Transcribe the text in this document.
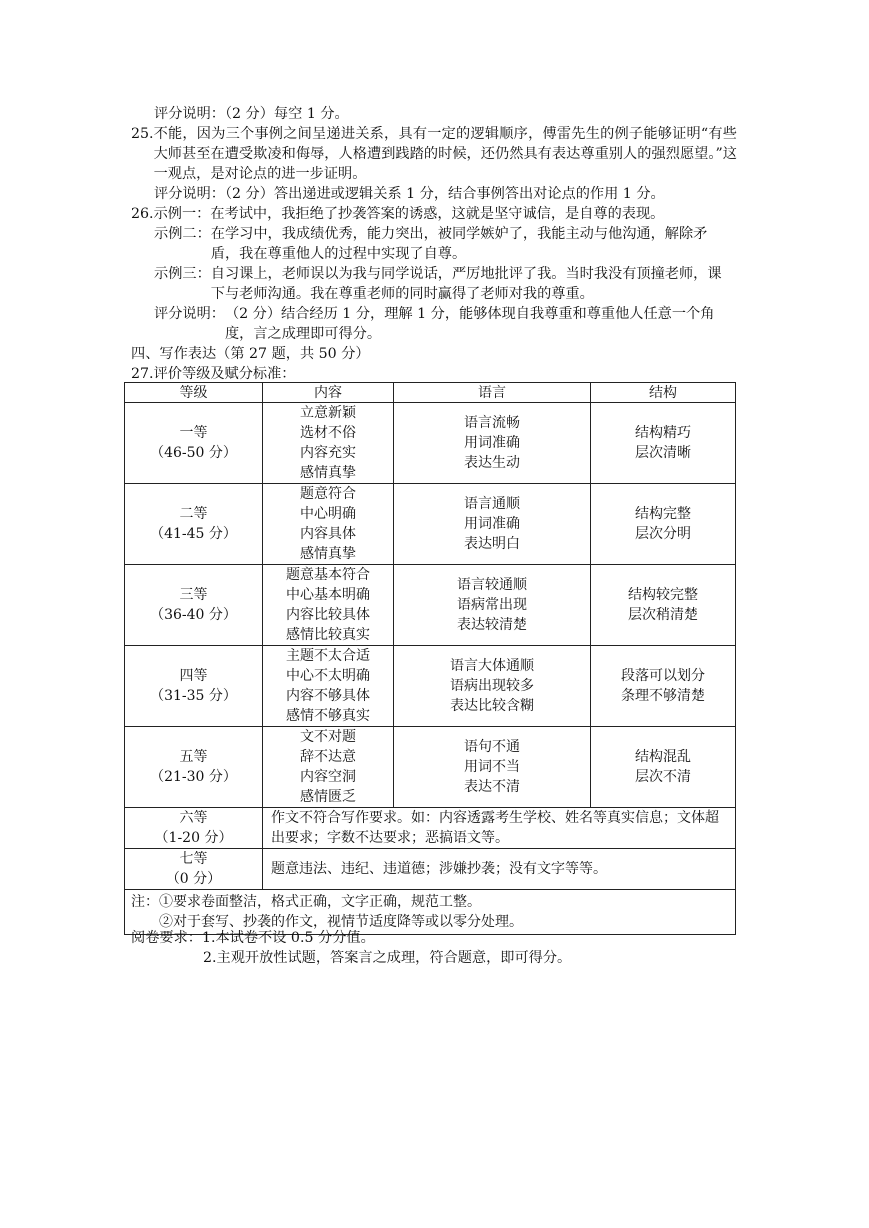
评分说明：（2 分）每空 1 分。
25. 不能，因为三个事例之间呈递进关系，具有一定的逻辑顺序，傅雷先生的例子能够证明“有些大师甚至在遭受欺凌和侮辱，人格遭到践踏的时候，还仍然具有表达尊重别人的强烈愿望。”这一观点，是对论点的进一步证明。
评分说明：（2 分）答出递进或逻辑关系 1 分，结合事例答出对论点的作用 1 分。
26. 示例一： 在考试中，我拒绝了抄袭答案的诱惑，这就是坚守诚信，是自尊的表现。
示例二： 在学习中，我成绩优秀，能力突出，被同学嫉妒了，我能主动与他沟通，解除矛盾，我在尊重他人的过程中实现了自尊。
示例三： 自习课上，老师误以为我与同学说话，严厉地批评了我。当时我没有顶撞老师，课下与老师沟通。我在尊重老师的同时赢得了老师对我的尊重。
评分说明： （2 分）结合经历 1 分，理解 1 分，能够体现自我尊重和尊重他人任意一个角度，言之成理即可得分。
四、写作表达（第 27 题，共 50 分）
27.评价等级及赋分标准：
等级	内容	语言	结构

一等
（46-50 分）	立意新颖
选材不俗
内容充实
感情真挚	语言流畅
用词准确
表达生动	结构精巧
层次清晰

二等
（41-45 分）	题意符合
中心明确
内容具体
感情真挚	语言通顺
用词准确
表达明白	结构完整
层次分明

三等
（36-40 分）	题意基本符合
中心基本明确
内容比较具体
感情比较真实	语言较通顺
语病常出现
表达较清楚	结构较完整
层次稍清楚

四等
（31-35 分）	主题不太合适
中心不太明确
内容不够具体
感情不够真实	语言大体通顺
语病出现较多
表达比较含糊	段落可以划分
条理不够清楚

五等
（21-30 分）	文不对题
辞不达意
内容空洞
感情匮乏	语句不通
用词不当
表达不清	结构混乱
层次不清

六等
（1-20 分）	作文不符合写作要求。如：内容透露考生学校、姓名等真实信息；文体超出要求；字数不达要求；恶搞语文等。		

七等
（0 分）	题意违法、违纪、违道德；涉嫌抄袭；没有文字等等。		

注：①要求卷面整洁，格式正确，文字正确，规范工整。
②对于套写、抄袭的作文，视情节适度降等或以零分处理。			
阅卷要求：1.本试卷不设 0.5 分分值。
2.主观开放性试题，答案言之成理，符合题意，即可得分。
